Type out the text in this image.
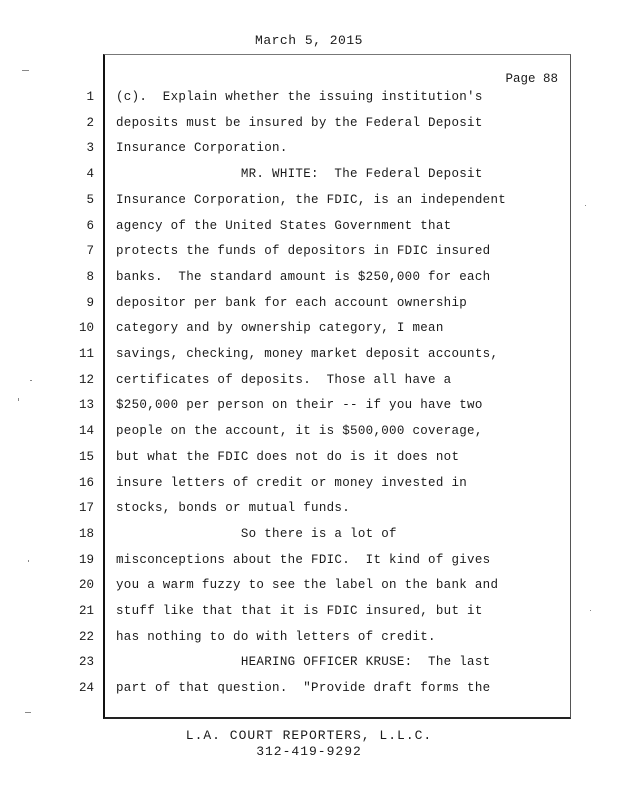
March 5, 2015
Page 88
1 (c).  Explain whether the issuing institution's
2 deposits must be insured by the Federal Deposit
3 Insurance Corporation.
4 MR. WHITE:  The Federal Deposit
5 Insurance Corporation, the FDIC, is an independent
6 agency of the United States Government that
7 protects the funds of depositors in FDIC insured
8 banks.  The standard amount is $250,000 for each
9 depositor per bank for each account ownership
10 category and by ownership category, I mean
11 savings, checking, money market deposit accounts,
12 certificates of deposits.  Those all have a
13 $250,000 per person on their -- if you have two
14 people on the account, it is $500,000 coverage,
15 but what the FDIC does not do is it does not
16 insure letters of credit or money invested in
17 stocks, bonds or mutual funds.
18 So there is a lot of
19 misconceptions about the FDIC.  It kind of gives
20 you a warm fuzzy to see the label on the bank and
21 stuff like that that it is FDIC insured, but it
22 has nothing to do with letters of credit.
23 HEARING OFFICER KRUSE:  The last
24 part of that question.  "Provide draft forms the
L.A. COURT REPORTERS, L.L.C.
312-419-9292
